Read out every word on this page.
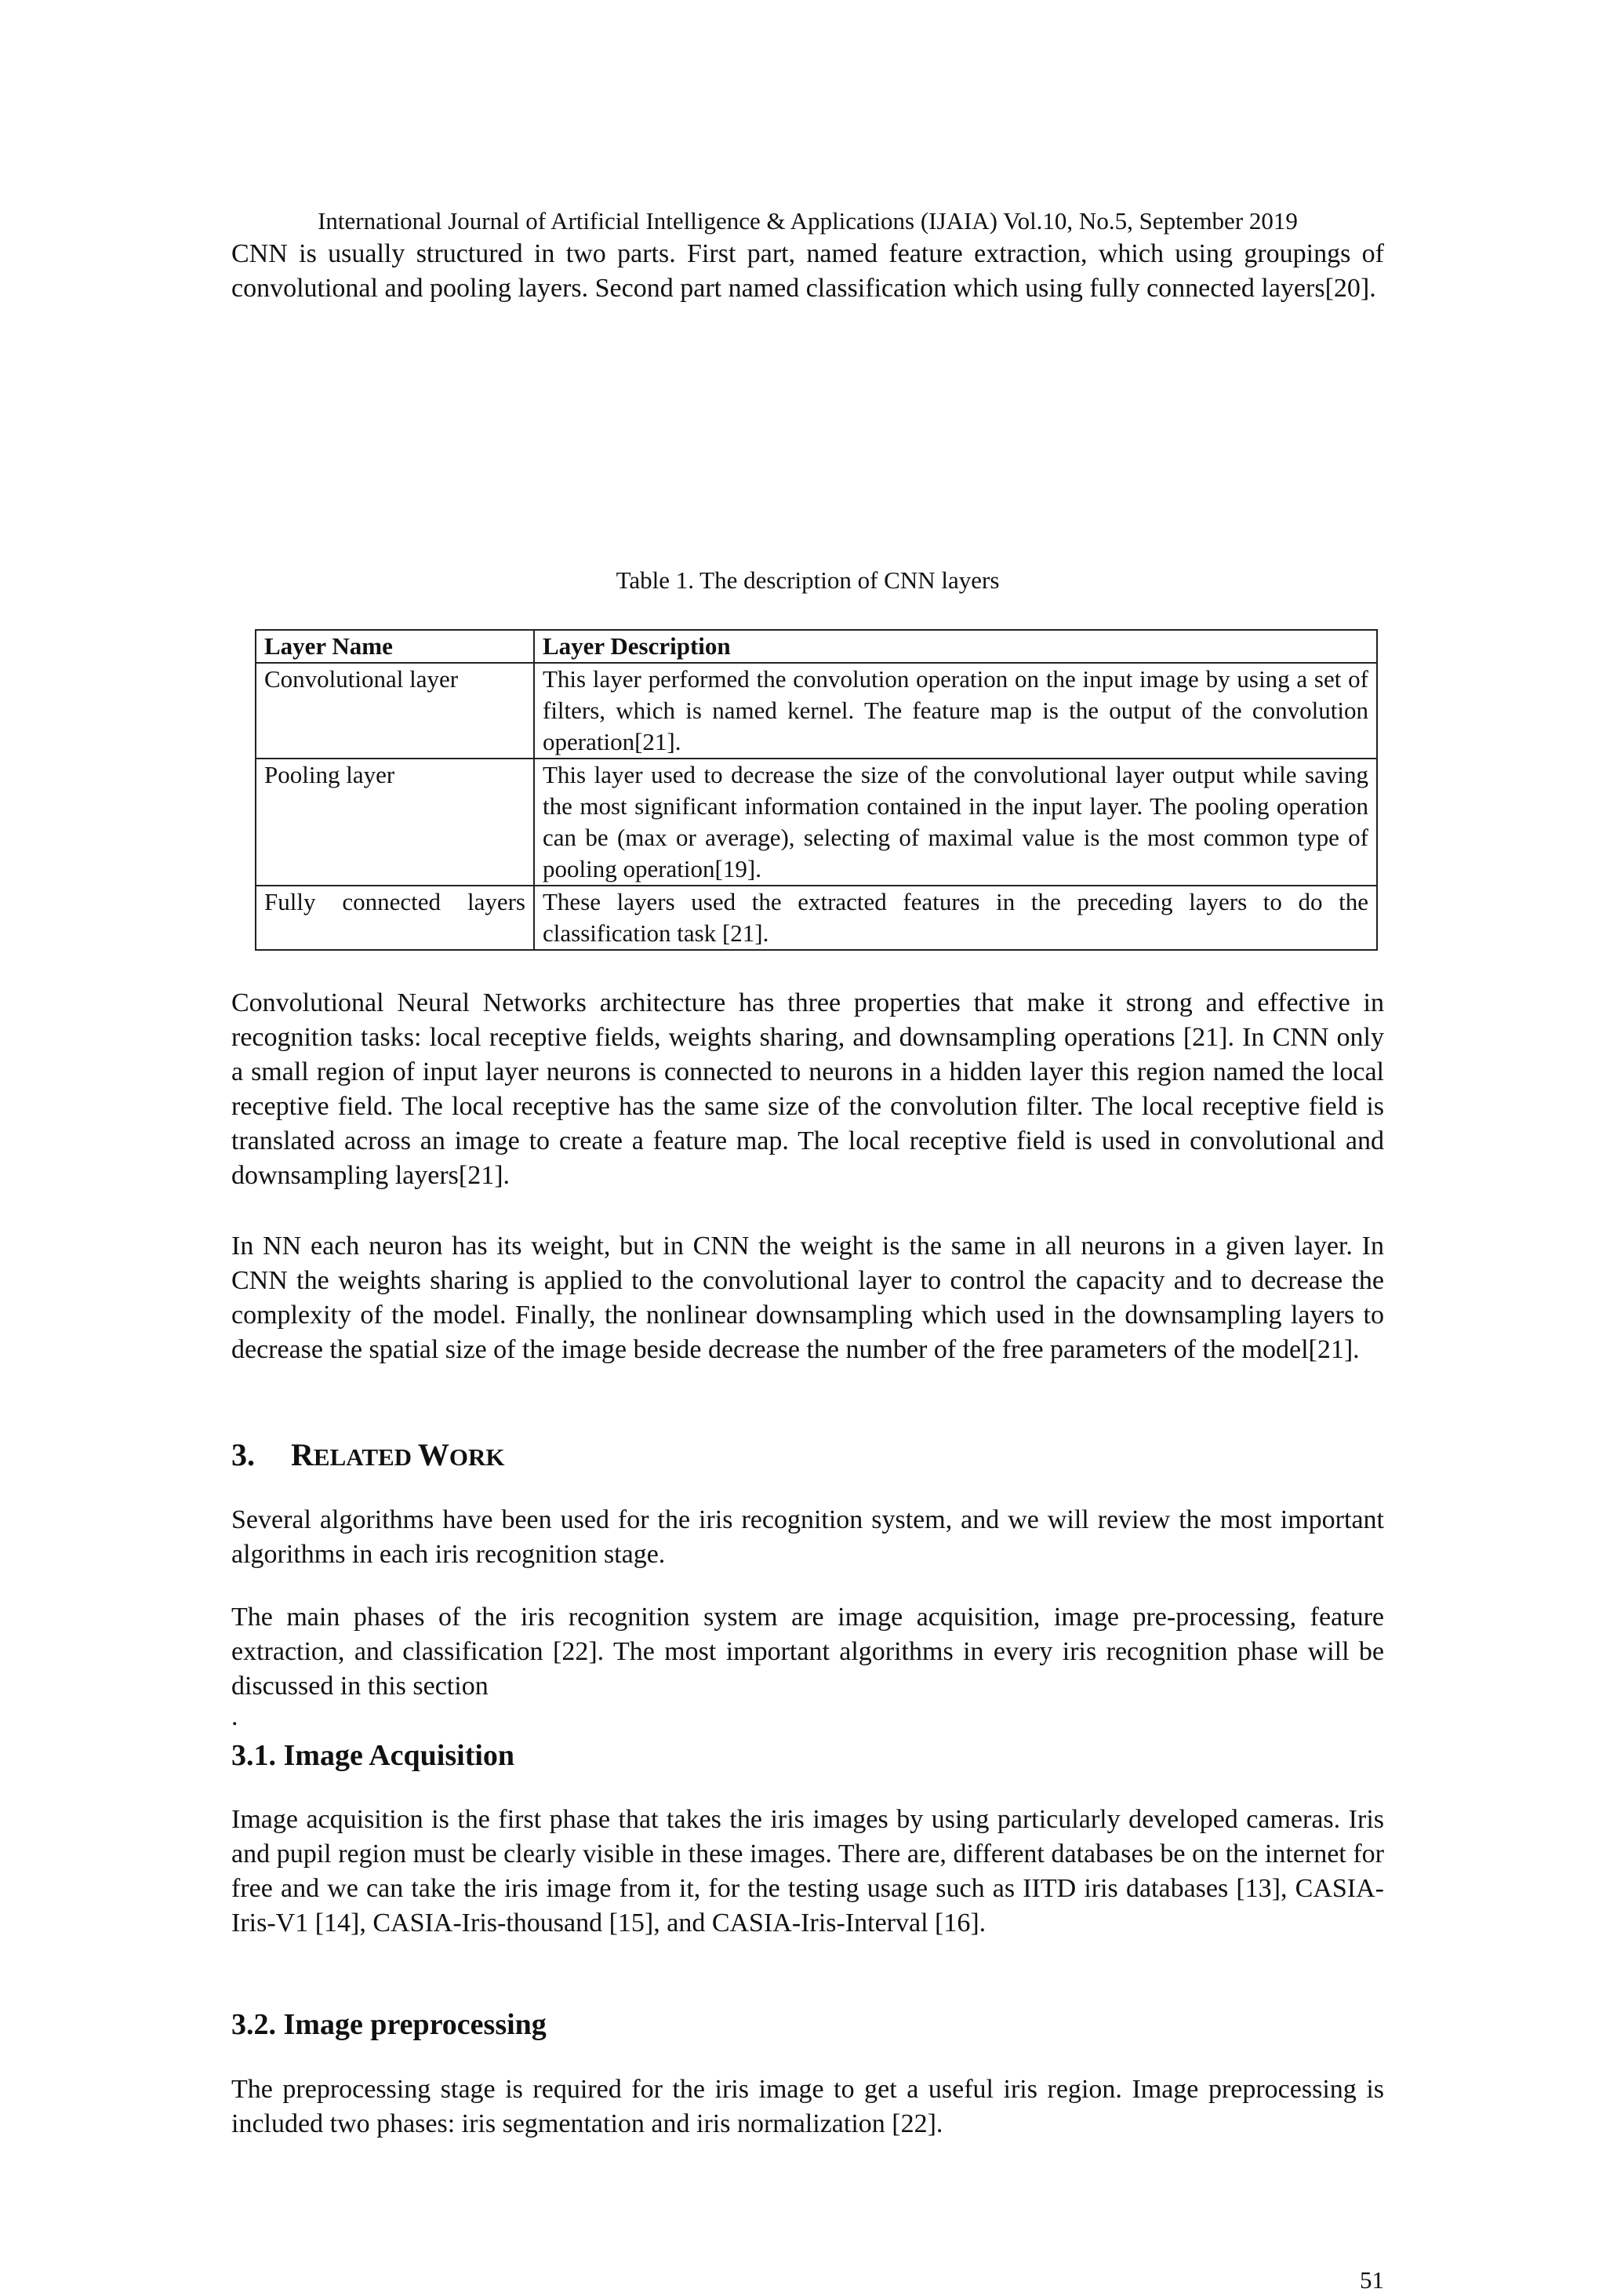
International Journal of Artificial Intelligence & Applications (IJAIA) Vol.10, No.5, September 2019

CNN is usually structured in two parts. First part, named feature extraction, which using groupings of convolutional and pooling layers. Second part named classification which using fully connected layers[20].

Table 1. The description of CNN layers
Layer Name	Layer Description
Convolutional layer	This layer performed the convolution operation on the input image by using a set of filters, which is named kernel. The feature map is the output of the convolution operation[21].
Pooling layer	This layer used to decrease the size of the convolutional layer output while saving the most significant information contained in the input layer. The pooling operation can be (max or average), selecting of maximal value is the most common type of pooling operation[19].
Fully connected layers	These layers used the extracted features in the preceding layers to do the classification task [21].

Convolutional Neural Networks architecture has three properties that make it strong and effective in recognition tasks: local receptive fields, weights sharing, and downsampling operations [21]. In CNN only a small region of input layer neurons is connected to neurons in a hidden layer this region named the local receptive field. The local receptive has the same size of the convolution filter. The local receptive field is translated across an image to create a feature map. The local receptive field is used in convolutional and downsampling layers[21].

In NN each neuron has its weight, but in CNN the weight is the same in all neurons in a given layer. In CNN the weights sharing is applied to the convolutional layer to control the capacity and to decrease the complexity of the model. Finally, the nonlinear downsampling which used in the downsampling layers to decrease the spatial size of the image beside decrease the number of the free parameters of the model[21].

3. RELATED WORK

Several algorithms have been used for the iris recognition system, and we will review the most important algorithms in each iris recognition stage.

The main phases of the iris recognition system are image acquisition, image pre-processing, feature extraction, and classification [22]. The most important algorithms in every iris recognition phase will be discussed in this section

.
3.1. Image Acquisition

Image acquisition is the first phase that takes the iris images by using particularly developed cameras. Iris and pupil region must be clearly visible in these images. There are, different databases be on the internet for free and we can take the iris image from it, for the testing usage such as IITD iris databases [13], CASIA-Iris-V1 [14], CASIA-Iris-thousand [15], and CASIA-Iris-Interval [16].

3.2. Image preprocessing

The preprocessing stage is required for the iris image to get a useful iris region. Image preprocessing is included two phases: iris segmentation and iris normalization [22].

51
